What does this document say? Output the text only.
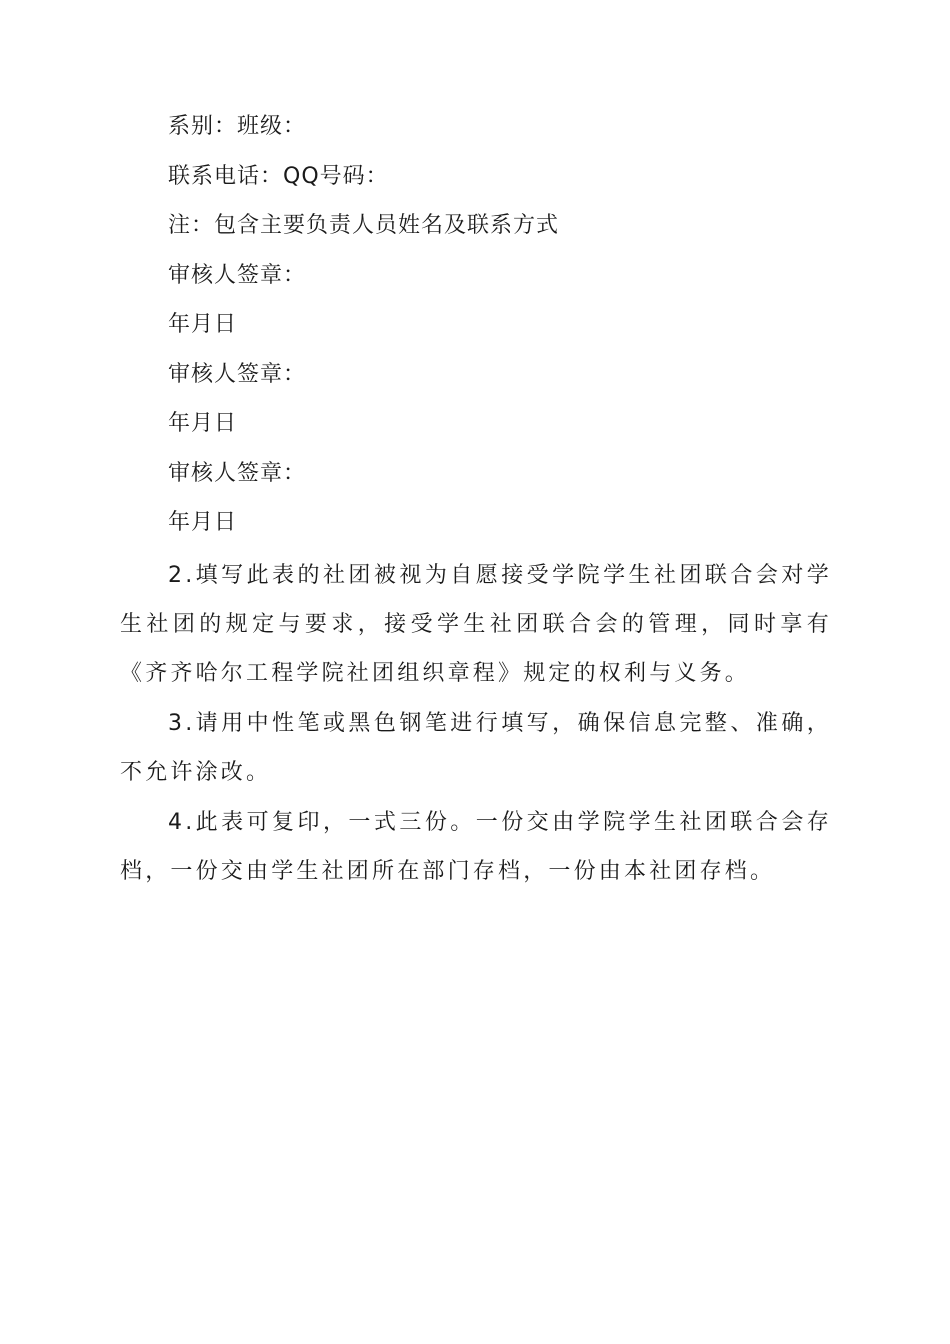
系别：班级：
联系电话：QQ号码：
注：包含主要负责人员姓名及联系方式
审核人签章：
年月日
审核人签章：
年月日
审核人签章：
年月日
2.填写此表的社团被视为自愿接受学院学生社团联合会对学生社团的规定与要求，接受学生社团联合会的管理，同时享有《齐齐哈尔工程学院社团组织章程》规定的权利与义务。
3.请用中性笔或黑色钢笔进行填写，确保信息完整、准确，不允许涂改。
4.此表可复印，一式三份。一份交由学院学生社团联合会存档，一份交由学生社团所在部门存档，一份由本社团存档。
